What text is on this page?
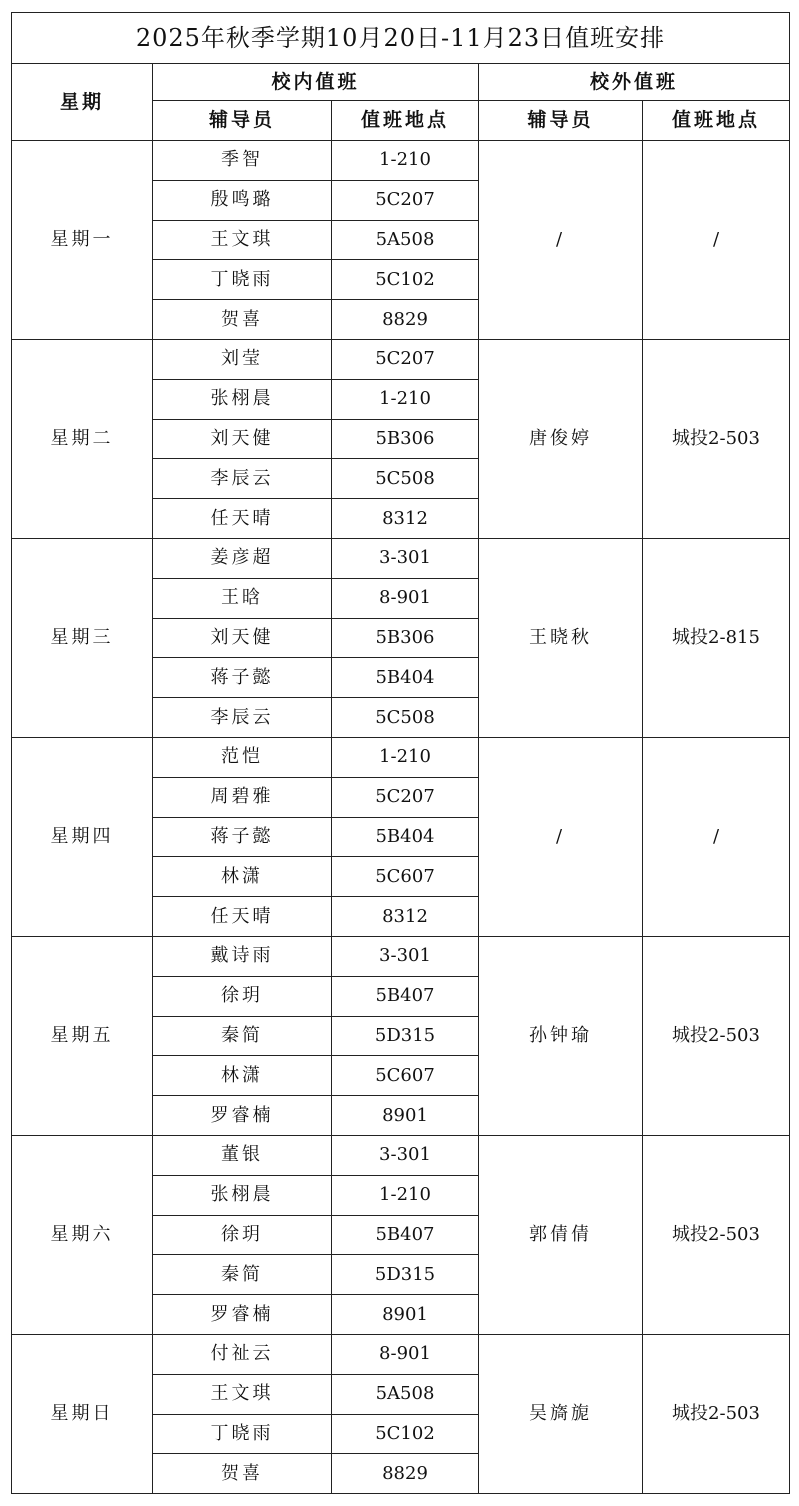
2025年秋季学期10月20日-11月23日值班安排
星期
校内值班	校外值班
辅导员	值班地点	辅导员	值班地点
星期一
季智	1-210
殷鸣璐	5C207
王文琪	5A508
丁晓雨	5C102
贺喜	8829
/	/
星期二
刘莹	5C207
张栩晨	1-210
刘天健	5B306
李辰云	5C508
任天晴	8312
唐俊婷	城投2-503
星期三
姜彦超	3-301
王晗	8-901
刘天健	5B306
蒋子懿	5B404
李辰云	5C508
王晓秋	城投2-815
星期四
范恺	1-210
周碧雅	5C207
蒋子懿	5B404
林潇	5C607
任天晴	8312
/	/
星期五
戴诗雨	3-301
徐玥	5B407
秦简	5D315
林潇	5C607
罗睿楠	8901
孙钟瑜	城投2-503
星期六
董银	3-301
张栩晨	1-210
徐玥	5B407
秦简	5D315
罗睿楠	8901
郭倩倩	城投2-503
星期日
付祉云	8-901
王文琪	5A508
丁晓雨	5C102
贺喜	8829
吴旖旎	城投2-503
